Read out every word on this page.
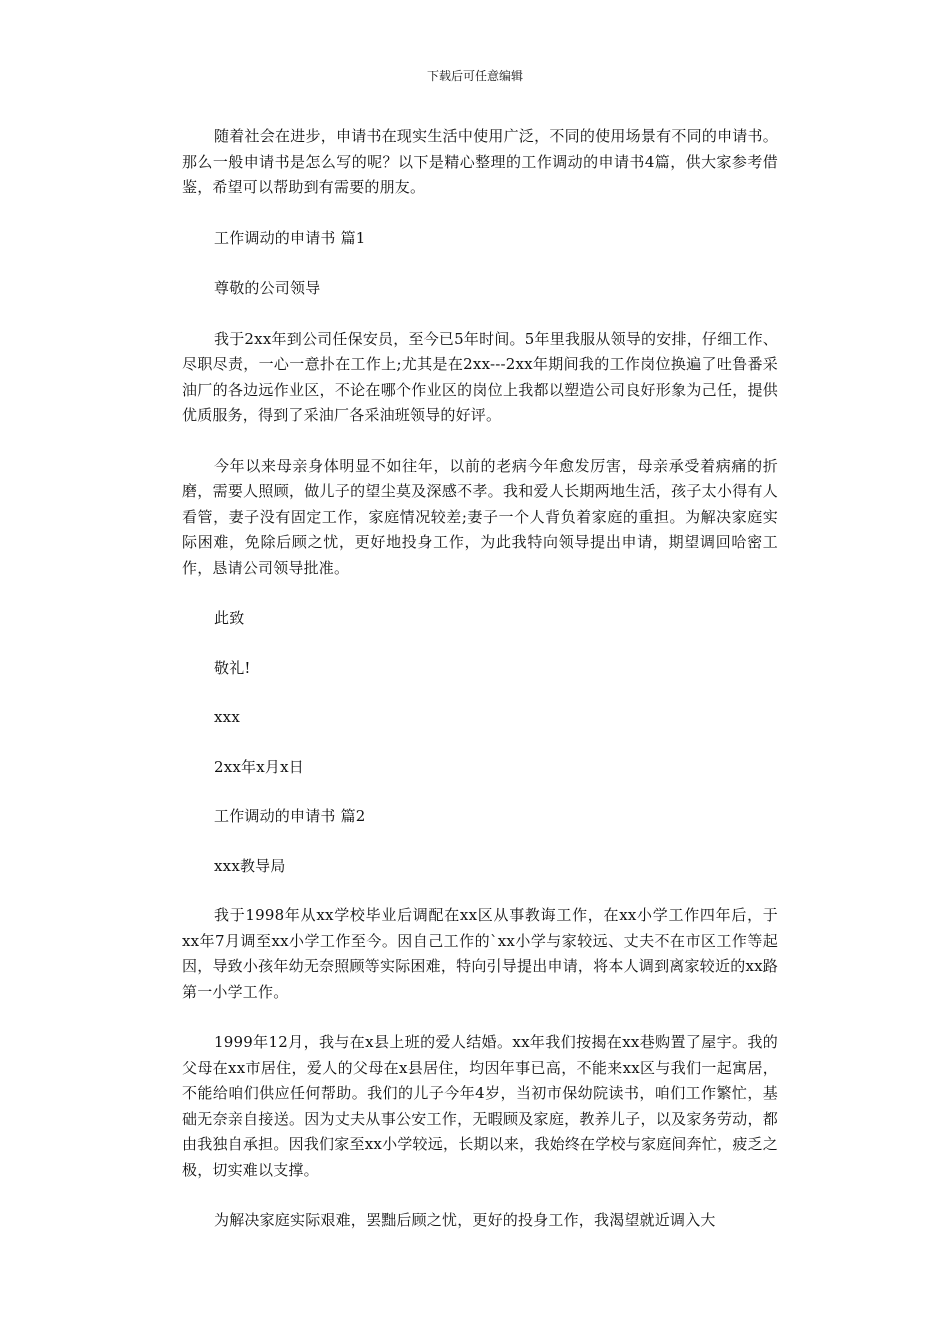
下载后可任意编辑

随着社会在进步，申请书在现实生活中使用广泛，不同的使用场景有不同的申请书。那么一般申请书是怎么写的呢？以下是精心整理的工作调动的申请书4篇，供大家参考借鉴，希望可以帮助到有需要的朋友。

工作调动的申请书 篇1

尊敬的公司领导

我于2xx年到公司任保安员，至今已5年时间。5年里我服从领导的安排，仔细工作、尽职尽责，一心一意扑在工作上;尤其是在2xx---2xx年期间我的工作岗位换遍了吐鲁番采油厂的各边远作业区，不论在哪个作业区的岗位上我都以塑造公司良好形象为己任，提供优质服务，得到了采油厂各采油班领导的好评。

今年以来母亲身体明显不如往年，以前的老病今年愈发厉害，母亲承受着病痛的折磨，需要人照顾，做儿子的望尘莫及深感不孝。我和爱人长期两地生活，孩子太小得有人看管，妻子没有固定工作，家庭情况较差;妻子一个人背负着家庭的重担。为解决家庭实际困难，免除后顾之忧，更好地投身工作，为此我特向领导提出申请，期望调回哈密工作，恳请公司领导批准。

此致

敬礼!

xxx

2xx年x月x日

工作调动的申请书 篇2

xxx教导局

我于1998年从xx学校毕业后调配在xx区从事教诲工作，在xx小学工作四年后，于xx年7月调至xx小学工作至今。因自己工作的`xx小学与家较远、丈夫不在市区工作等起因，导致小孩年幼无奈照顾等实际困难，特向引导提出申请，将本人调到离家较近的xx路第一小学工作。

1999年12月，我与在x县上班的爱人结婚。xx年我们按揭在xx巷购置了屋宇。我的父母在xx市居住，爱人的父母在x县居住，均因年事已高，不能来xx区与我们一起寓居，不能给咱们供应任何帮助。我们的儿子今年4岁，当初市保幼院读书，咱们工作繁忙，基础无奈亲自接送。因为丈夫从事公安工作，无暇顾及家庭，教养儿子，以及家务劳动，都由我独自承担。因我们家至xx小学较远，长期以来，我始终在学校与家庭间奔忙，疲乏之极，切实难以支撑。

为解决家庭实际艰难，罢黜后顾之忧，更好的投身工作，我渴望就近调入大
